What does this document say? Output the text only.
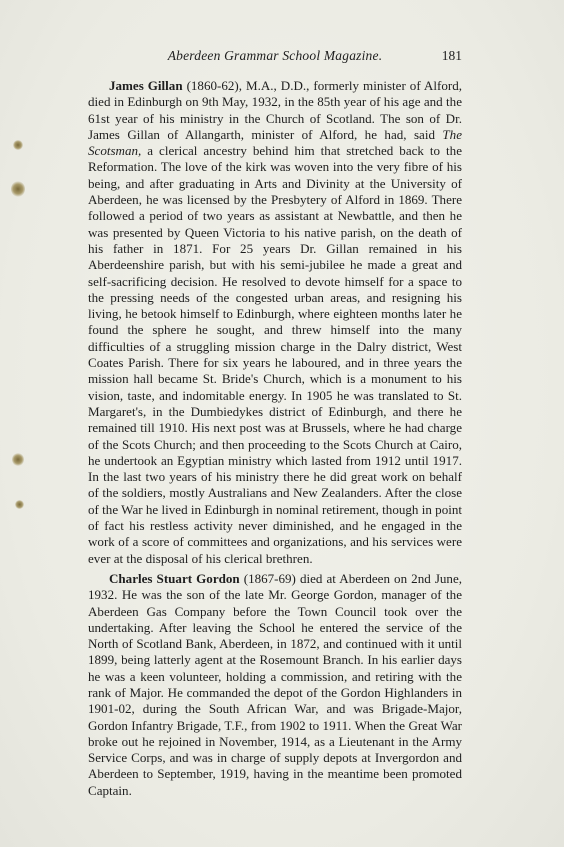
Aberdeen Grammar School Magazine.	181

James Gillan (1860-62), M.A., D.D., formerly minister of Alford, died in Edinburgh on 9th May, 1932, in the 85th year of his age and the 61st year of his ministry in the Church of Scotland. The son of Dr. James Gillan of Allangarth, minister of Alford, he had, said The Scotsman, a clerical ancestry behind him that stretched back to the Reformation. The love of the kirk was woven into the very fibre of his being, and after graduating in Arts and Divinity at the University of Aberdeen, he was licensed by the Presbytery of Alford in 1869. There followed a period of two years as assistant at Newbattle, and then he was presented by Queen Victoria to his native parish, on the death of his father in 1871. For 25 years Dr. Gillan remained in his Aberdeenshire parish, but with his semi-jubilee he made a great and self-sacrificing decision. He resolved to devote himself for a space to the pressing needs of the congested urban areas, and resigning his living, he betook himself to Edinburgh, where eighteen months later he found the sphere he sought, and threw himself into the many difficulties of a struggling mission charge in the Dalry district, West Coates Parish. There for six years he laboured, and in three years the mission hall became St. Bride's Church, which is a monument to his vision, taste, and indomitable energy. In 1905 he was translated to St. Margaret's, in the Dumbiedykes district of Edinburgh, and there he remained till 1910. His next post was at Brussels, where he had charge of the Scots Church; and then proceeding to the Scots Church at Cairo, he undertook an Egyptian ministry which lasted from 1912 until 1917. In the last two years of his ministry there he did great work on behalf of the soldiers, mostly Australians and New Zealanders. After the close of the War he lived in Edinburgh in nominal retirement, though in point of fact his restless activity never diminished, and he engaged in the work of a score of committees and organizations, and his services were ever at the disposal of his clerical brethren.

Charles Stuart Gordon (1867-69) died at Aberdeen on 2nd June, 1932. He was the son of the late Mr. George Gordon, manager of the Aberdeen Gas Company before the Town Council took over the undertaking. After leaving the School he entered the service of the North of Scotland Bank, Aberdeen, in 1872, and continued with it until 1899, being latterly agent at the Rosemount Branch. In his earlier days he was a keen volunteer, holding a commission, and retiring with the rank of Major. He commanded the depot of the Gordon Highlanders in 1901-02, during the South African War, and was Brigade-Major, Gordon Infantry Brigade, T.F., from 1902 to 1911. When the Great War broke out he rejoined in November, 1914, as a Lieutenant in the Army Service Corps, and was in charge of supply depots at Invergordon and Aberdeen to September, 1919, having in the meantime been promoted Captain.
